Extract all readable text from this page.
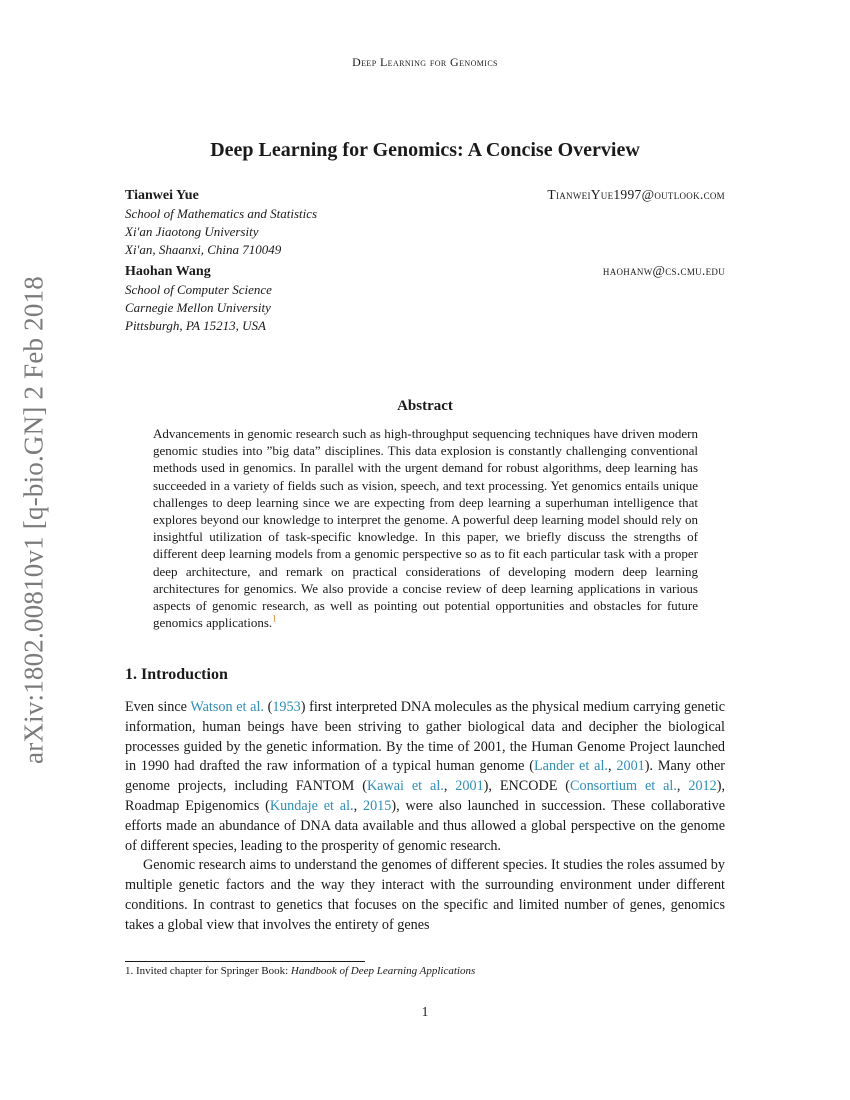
arXiv:1802.00810v1 [q-bio.GN] 2 Feb 2018
Deep Learning for Genomics
Deep Learning for Genomics: A Concise Overview
Tianwei Yue	TianweiYue1997@outlook.com
School of Mathematics and Statistics
Xi'an Jiaotong University
Xi'an, Shaanxi, China 710049
Haohan Wang	haohanw@cs.cmu.edu
School of Computer Science
Carnegie Mellon University
Pittsburgh, PA 15213, USA
Abstract
Advancements in genomic research such as high-throughput sequencing techniques have driven modern genomic studies into ”big data” disciplines. This data explosion is constantly challenging conventional methods used in genomics. In parallel with the urgent demand for robust algorithms, deep learning has succeeded in a variety of fields such as vision, speech, and text processing. Yet genomics entails unique challenges to deep learning since we are expecting from deep learning a superhuman intelligence that explores beyond our knowledge to interpret the genome. A powerful deep learning model should rely on insightful utilization of task-specific knowledge. In this paper, we briefly discuss the strengths of different deep learning models from a genomic perspective so as to fit each particular task with a proper deep architecture, and remark on practical considerations of developing modern deep learning architectures for genomics. We also provide a concise review of deep learning applications in various aspects of genomic research, as well as pointing out potential opportunities and obstacles for future genomics applications.$^1$
1. Introduction

Even since Watson et al. (1953) first interpreted DNA molecules as the physical medium carrying genetic information, human beings have been striving to gather biological data and decipher the biological processes guided by the genetic information. By the time of 2001, the Human Genome Project launched in 1990 had drafted the raw information of a typical human genome (Lander et al., 2001). Many other genome projects, including FANTOM (Kawai et al., 2001), ENCODE (Consortium et al., 2012), Roadmap Epigenomics (Kundaje et al., 2015), were also launched in succession. These collaborative efforts made an abundance of DNA data available and thus allowed a global perspective on the genome of different species, leading to the prosperity of genomic research.

Genomic research aims to understand the genomes of different species. It studies the roles assumed by multiple genetic factors and the way they interact with the surrounding environment under different conditions. In contrast to genetics that focuses on the specific and limited number of genes, genomics takes a global view that involves the entirety of genes

1. Invited chapter for Springer Book: Handbook of Deep Learning Applications
1
